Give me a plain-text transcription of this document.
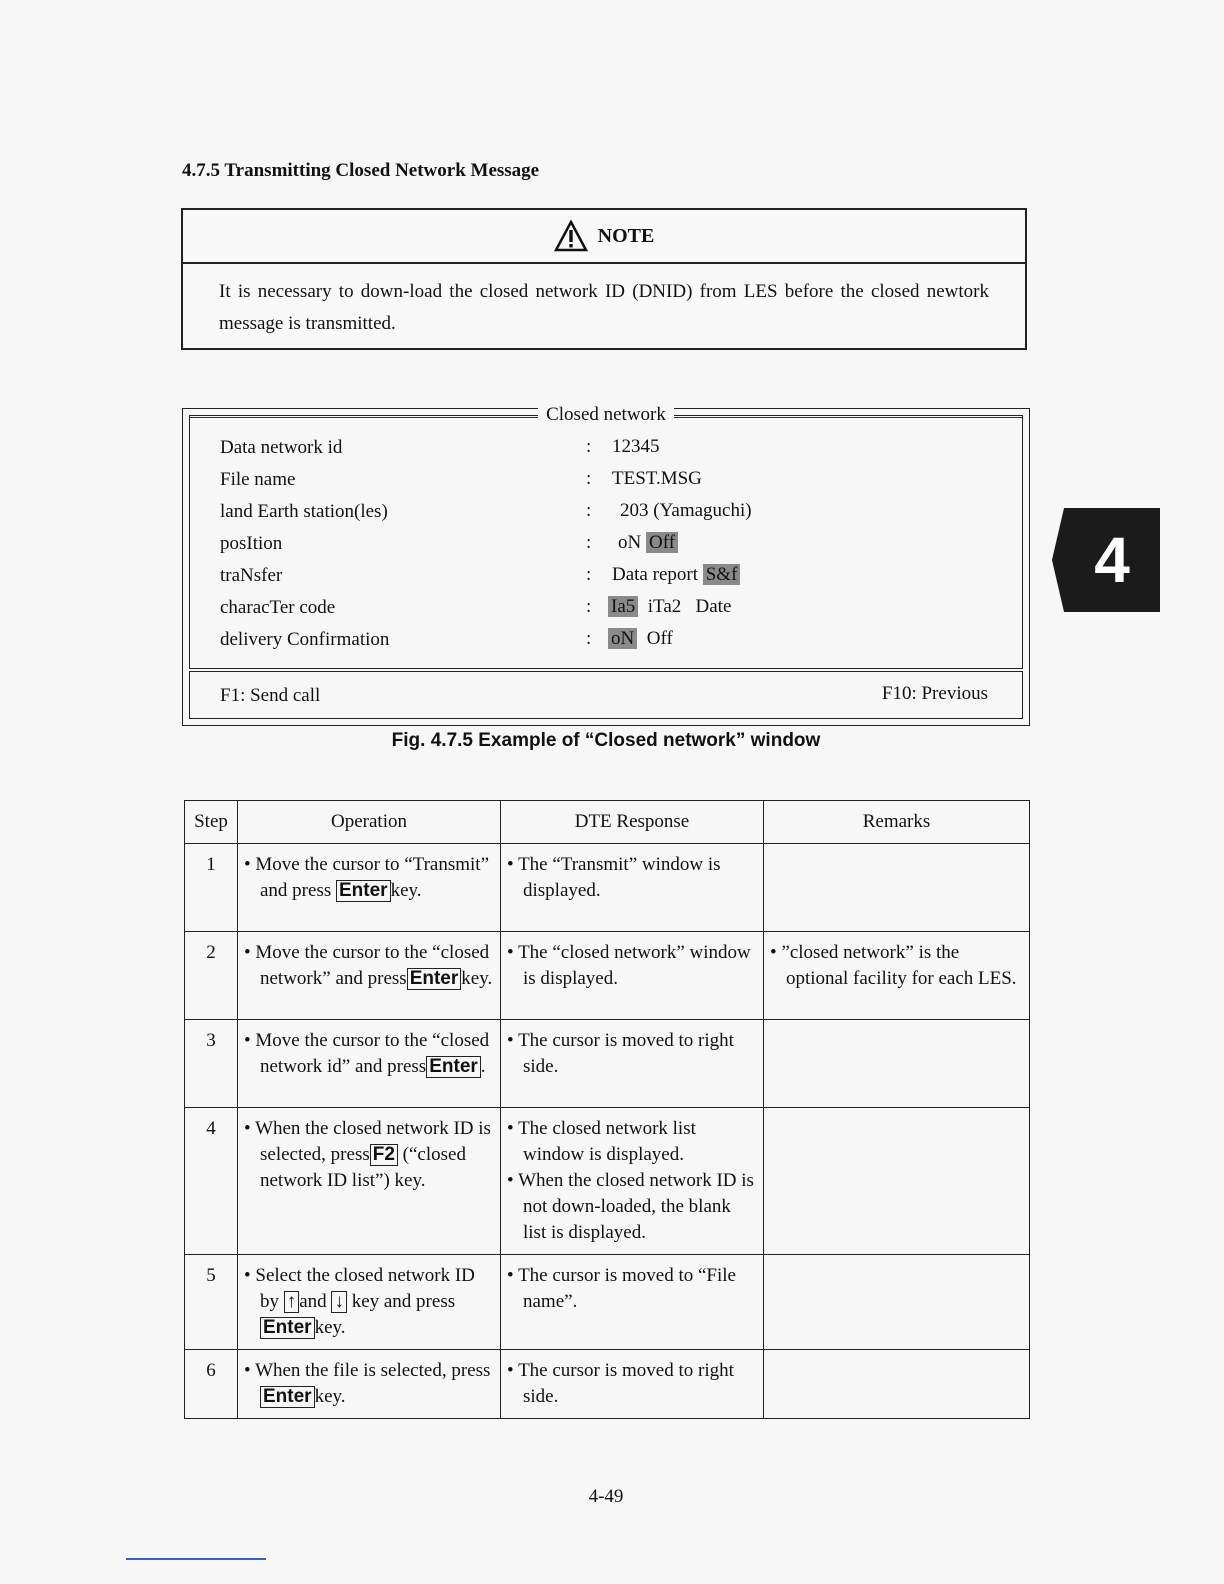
4.7.5 Transmitting Closed Network Message
NOTE
It is necessary to down-load the closed network ID (DNID) from LES before the closed newtork message is transmitted.
Closed network
Data network id	: 12345
File name	: TEST.MSG
land Earth station(les)	: 203 (Yamaguchi)
posItion	: oN Off
traNsfer	: Data report S&f
characTer code	: Ia5 iTa2 Date
delivery Confirmation	: oN Off
F1: Send call	F10: Previous
Fig. 4.7.5 Example of “Closed network” window
Step	Operation	DTE Response	Remarks
1	• Move the cursor to “Transmit” and press Enter key.	• The “Transmit” window is displayed.

2	• Move the cursor to the “closed network” and press Enter key.	• The “closed network” window is displayed.	• ”closed network” is the optional facility for each LES.

3	• Move the cursor to the “closed network id” and press Enter .	• The cursor is moved to right side.

4	• When the closed network ID is selected, press F2 (“closed network ID list”) key.	• The closed network list window is displayed.
• When the closed network ID is not down-loaded, the blank list is displayed.

5	• Select the closed network ID by ↑ and ↓ key and pressEnter key.	• The cursor is moved to “File name”.

6	• When the file is selected, pressEnter key.	• The cursor is moved to right side.

4
4-49
